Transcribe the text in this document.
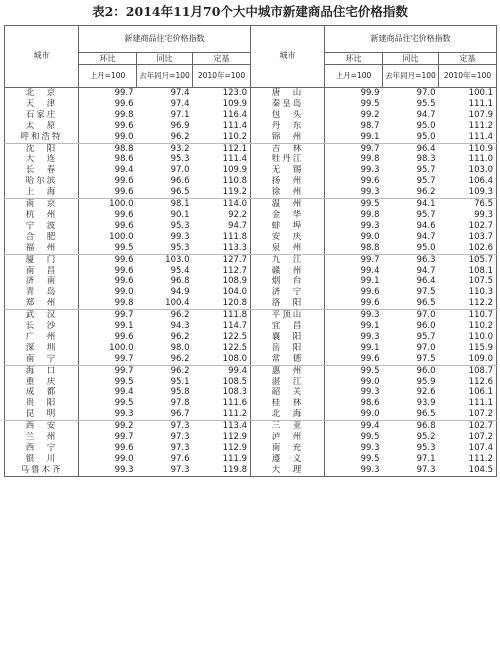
表2：2014年11月70个大中城市新建商品住宅价格指数
城市	新建商品住宅价格指数			城市	新建商品住宅价格指数		
	环比	同比	定基		环比	同比	定基
	上月=100	去年同月=100	2010年=100		上月=100	去年同月=100	2010年=100
北　京	99.7	97.4	123.0	唐　山	99.9	97.0	100.1
天　津	99.6	97.4	109.9	秦皇岛	99.5	95.5	111.1
石家庄	99.8	97.1	116.4	包　头	99.2	94.7	107.9
太　原	99.6	96.9	111.4	丹　东	98.7	95.0	111.2
呼和浩特	99.0	96.2	110.2	锦　州	99.1	95.0	111.4
沈　阳	98.8	93.2	112.1	吉　林	99.7	96.4	110.9
大　连	98.6	95.3	111.4	牡丹江	99.8	98.3	111.0
长　春	99.4	97.0	109.9	无　锡	99.3	95.7	103.0
哈尔滨	99.6	96.6	110.8	扬　州	99.6	95.7	106.4
上　海	99.6	96.5	119.2	徐　州	99.3	96.2	109.3
南　京	100.0	98.1	114.0	温　州	99.5	94.1	76.5
杭　州	99.6	90.1	92.2	金　华	99.8	95.7	99.3
宁　波	99.6	95.3	94.7	蚌　埠	99.3	94.6	102.7
合　肥	100.0	99.3	111.8	安　庆	99.0	94.7	103.7
福　州	99.5	95.3	113.3	泉　州	98.8	95.0	102.6
厦　门	99.6	103.0	127.7	九　江	99.7	96.3	105.7
南　昌	99.6	95.4	112.7	赣　州	99.4	94.7	108.1
济　南	99.6	96.8	108.9	烟　台	99.1	96.4	107.5
青　岛	99.0	94.9	104.0	济　宁	99.6	97.5	110.3
郑　州	99.8	100.4	120.8	洛　阳	99.6	96.5	112.2
武　汉	99.7	96.2	111.8	平顶山	99.3	97.0	110.7
长　沙	99.1	94.3	114.7	宜　昌	99.1	96.0	110.2
广　州	99.6	96.2	122.5	襄　阳	99.3	95.7	110.0
深　圳	100.0	98.0	122.5	岳　阳	99.1	97.0	115.9
南　宁	99.7	96.2	108.0	常　德	99.6	97.5	109.0
海　口	99.7	96.2	99.4	惠　州	99.5	96.0	108.7
重　庆	99.5	95.1	108.5	湛　江	99.0	95.9	112.6
成　都	99.4	95.8	108.3	韶　关	99.3	92.6	106.1
贵　阳	99.5	97.8	111.6	桂　林	98.6	93.9	111.1
昆　明	99.3	96.7	111.2	北　海	99.0	96.5	107.2
西　安	99.2	97.3	113.4	三　亚	99.4	96.8	102.7
兰　州	99.7	97.3	112.9	泸　州	99.5	95.2	107.2
西　宁	99.6	97.3	112.9	南　充	99.3	95.3	107.4
银　川	99.0	97.6	111.9	遵　义	99.5	97.1	111.2
乌鲁木齐	99.3	97.3	119.8	大　理	99.3	97.3	104.5
